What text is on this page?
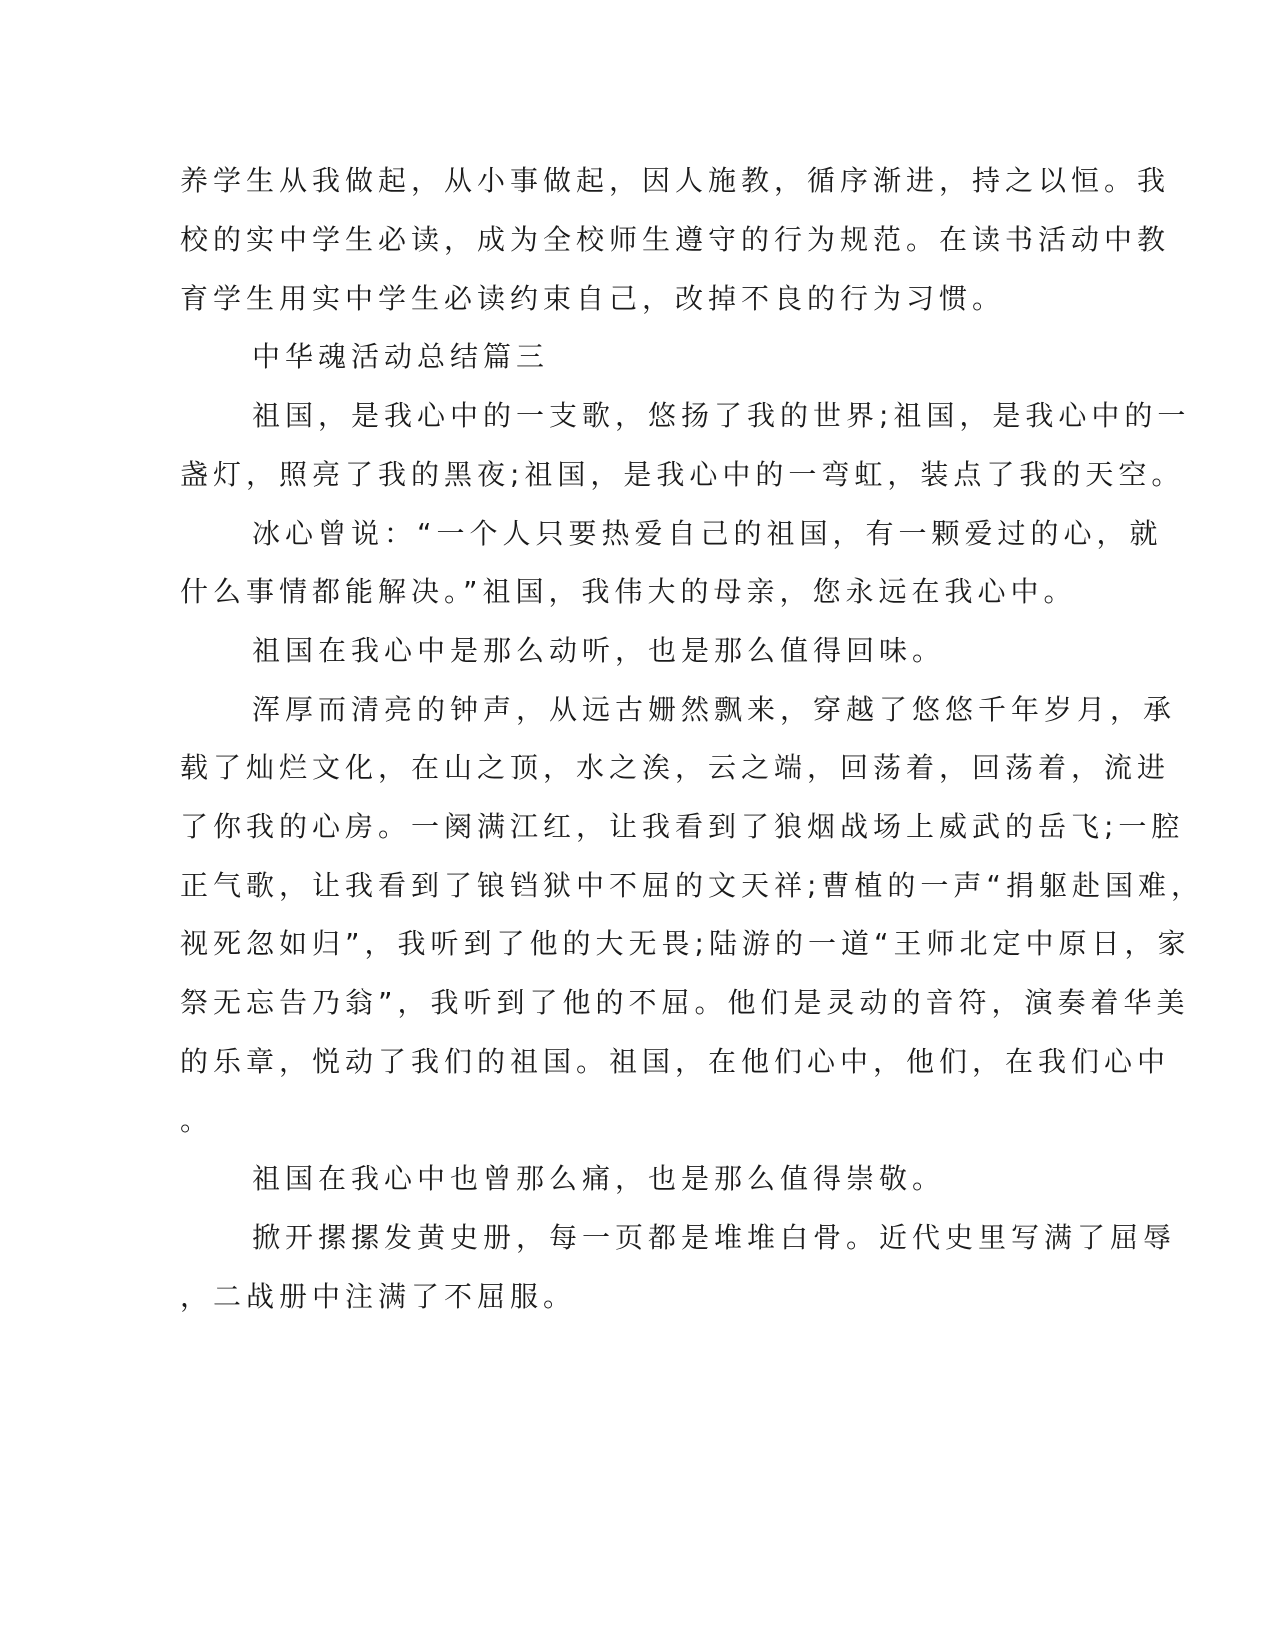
养学生从我做起，从小事做起，因人施教，循序渐进，持之以恒。我
校的实中学生必读，成为全校师生遵守的行为规范。在读书活动中教
育学生用实中学生必读约束自己，改掉不良的行为习惯。
中华魂活动总结篇三
祖国，是我心中的一支歌，悠扬了我的世界;祖国，是我心中的一
盏灯，照亮了我的黑夜;祖国，是我心中的一弯虹，装点了我的天空。
冰心曾说：“一个人只要热爱自己的祖国，有一颗爱过的心，就
什么事情都能解决。”祖国，我伟大的母亲，您永远在我心中。
祖国在我心中是那么动听，也是那么值得回味。
浑厚而清亮的钟声，从远古姗然飘来，穿越了悠悠千年岁月，承
载了灿烂文化，在山之顶，水之涘，云之端，回荡着，回荡着，流进
了你我的心房。一阕满江红，让我看到了狼烟战场上威武的岳飞;一腔
正气歌，让我看到了锒铛狱中不屈的文天祥;曹植的一声“捐躯赴国难，
视死忽如归”，我听到了他的大无畏;陆游的一道“王师北定中原日，家
祭无忘告乃翁”，我听到了他的不屈。他们是灵动的音符，演奏着华美
的乐章，悦动了我们的祖国。祖国，在他们心中，他们，在我们心中
。
祖国在我心中也曾那么痛，也是那么值得崇敬。
掀开摞摞发黄史册，每一页都是堆堆白骨。近代史里写满了屈辱
，二战册中注满了不屈服。
